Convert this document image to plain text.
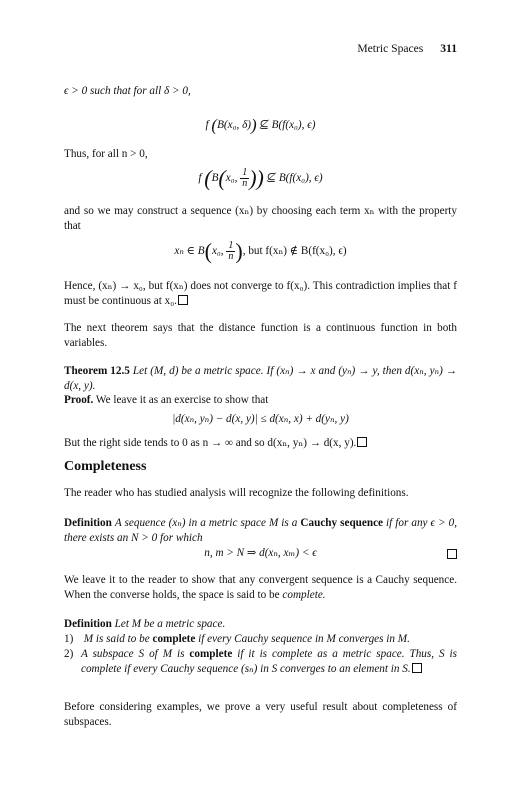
Metric Spaces 311
ϵ > 0 such that for all δ > 0,
f (B(x₀, δ)) ⊈ B(f(x₀), ϵ)
Thus, for all n > 0,
f (B(x₀, $\frac{1}{n}$ )) ⊈ B(f(x₀), ϵ)
and so we may construct a sequence (xₙ) by choosing each term xₙ with the property that
xₙ ∈ B(x₀, $\frac{1}{n}$ ), but f(xₙ) ∉ B(f(x₀), ϵ)
Hence, (xₙ) → x₀, but f(xₙ) does not converge to f(x₀). This contradiction implies that f must be continuous at x₀.
The next theorem says that the distance function is a continuous function in both variables.
Theorem 12.5 Let (M, d) be a metric space. If (xₙ) → x and (yₙ) → y, then d(xₙ, yₙ) → d(x, y).
Proof. We leave it as an exercise to show that
|d(xₙ, yₙ) − d(x, y)| ≤ d(xₙ, x) + d(yₙ, y)
But the right side tends to 0 as n → ∞ and so d(xₙ, yₙ) → d(x, y).
Completeness
The reader who has studied analysis will recognize the following definitions.
Definition A sequence (xₙ) in a metric space M is a Cauchy sequence if for any ϵ > 0, there exists an N > 0 for which
n, m > N ⇒ d(xₙ, xₘ) < ϵ
We leave it to the reader to show that any convergent sequence is a Cauchy sequence. When the converse holds, the space is said to be complete.
Definition Let M be a metric space.
1) M is said to be complete if every Cauchy sequence in M converges in M.
2) A subspace S of M is complete if it is complete as a metric space. Thus, S is complete if every Cauchy sequence (sₙ) in S converges to an element in S.
Before considering examples, we prove a very useful result about completeness of subspaces.
